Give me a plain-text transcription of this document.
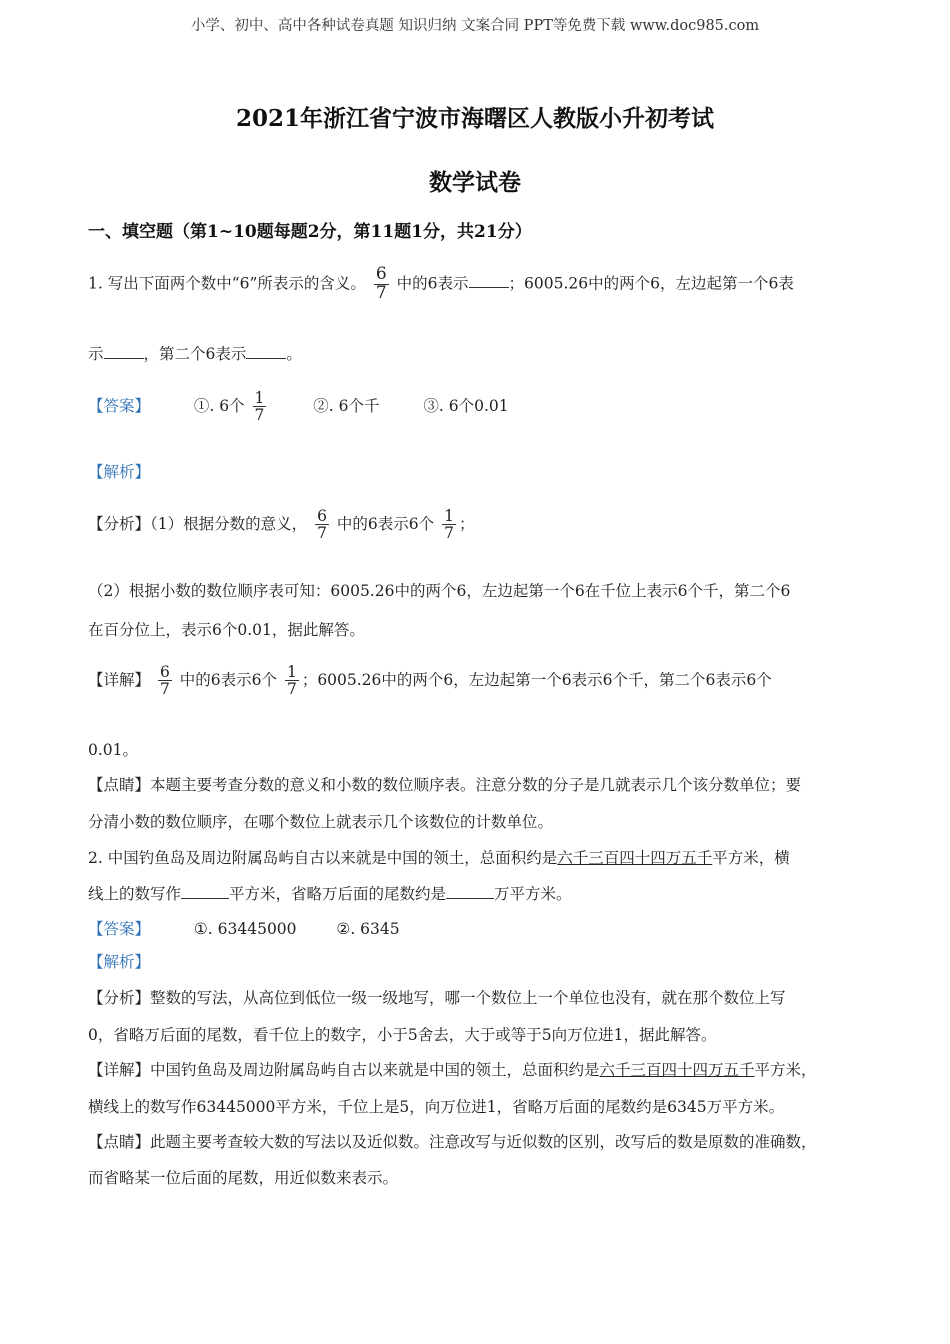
小学、初中、高中各种试卷真题 知识归纳 文案合同 PPT等免费下载 www.doc985.com
2021年浙江省宁波市海曙区人教版小升初考试
数学试卷
一、填空题（第1~10题每题2分，第11题1分，共21分）
1. 写出下面两个数中“6”所表示的含义。 $\frac{6}{7}$ 中的6表示	；6005.26中的两个6，左边起第一个6表
示	，第二个6表示	。
【答案】	①. 6个 $\frac{1}{7}$	②. 6个千	③. 6个0.01
【解析】
【分析】（1）根据分数的意义， $\frac{6}{7}$ 中的6表示6个 $\frac{1}{7}$ ；
（2）根据小数的数位顺序表可知：6005.26中的两个6，左边起第一个6在千位上表示6个千，第二个6
在百分位上，表示6个0.01，据此解答。
【详解】 $\frac{6}{7}$ 中的6表示6个 $\frac{1}{7}$ ；6005.26中的两个6，左边起第一个6表示6个千，第二个6表示6个
0.01。
【点睛】本题主要考查分数的意义和小数的数位顺序表。注意分数的分子是几就表示几个该分数单位；要
分清小数的数位顺序，在哪个数位上就表示几个该数位的计数单位。
2. 中国钓鱼岛及周边附属岛屿自古以来就是中国的领土，总面积约是六千三百四十四万五千平方米，横
线上的数写作	平方米，省略万后面的尾数约是	万平方米。
【答案】	①. 63445000	②. 6345
【解析】
【分析】整数的写法，从高位到低位一级一级地写，哪一个数位上一个单位也没有，就在那个数位上写
0，省略万后面的尾数，看千位上的数字，小于5舍去，大于或等于5向万位进1，据此解答。
【详解】中国钓鱼岛及周边附属岛屿自古以来就是中国的领土，总面积约是六千三百四十四万五千平方米，
横线上的数写作63445000平方米，千位上是5，向万位进1，省略万后面的尾数约是6345万平方米。
【点睛】此题主要考查较大数的写法以及近似数。注意改写与近似数的区别，改写后的数是原数的准确数，
而省略某一位后面的尾数，用近似数来表示。
